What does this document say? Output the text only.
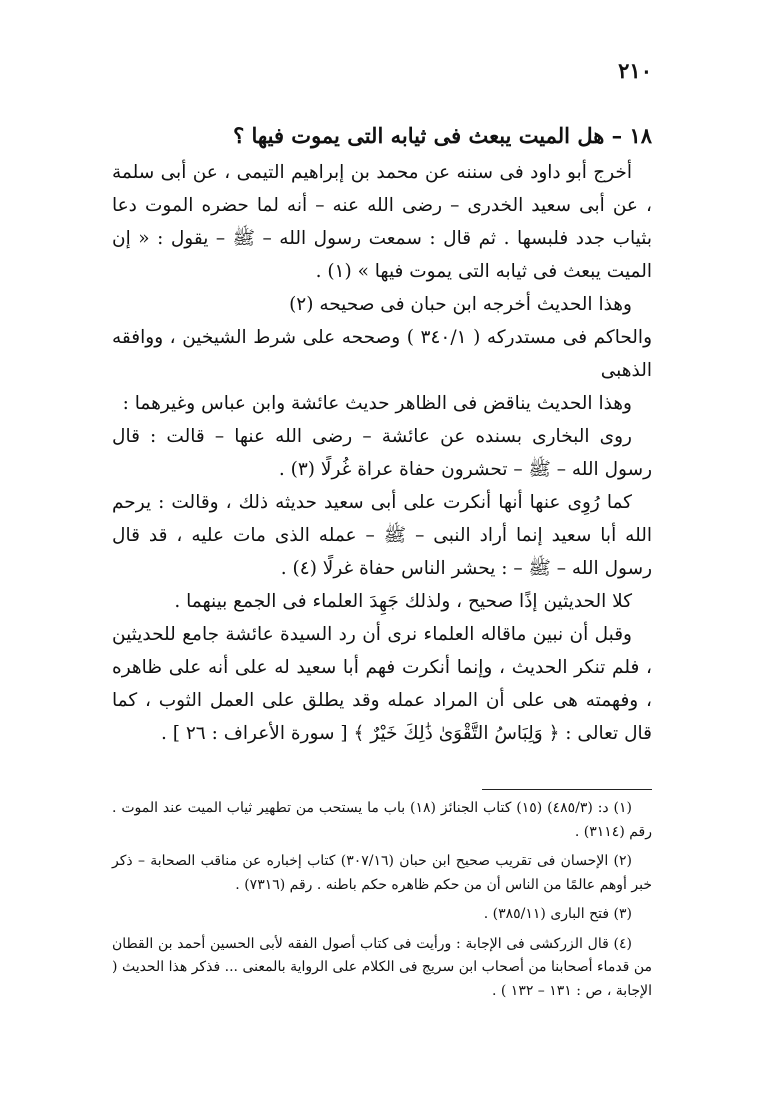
٢١٠

١٨ – هل الميت يبعث فى ثيابه التى يموت فيها ؟

أخرج أبو داود فى سننه عن محمد بن إبراهيم التيمى ، عن أبى سلمة ، عن أبى سعيد الخدرى – رضى الله عنه – أنه لما حضره الموت دعا بثياب جدد فلبسها . ثم قال : سمعت رسول الله – ﷺ – يقول : « إن الميت يبعث فى ثيابه التى يموت فيها » (١) .

وهذا الحديث أخرجه ابن حبان فى صحيحه (٢)

والحاكم فى مستدركه ( ٣٤٠/١ ) وصححه على شرط الشيخين ، ووافقه الذهبى

وهذا الحديث يناقض فى الظاهر حديث عائشة وابن عباس وغيرهما :

روى البخارى بسنده عن عائشة – رضى الله عنها – قالت : قال رسول الله – ﷺ – تحشرون حفاة عراة غُرلًا (٣) .

كما رُوِى عنها أنها أنكرت على أبى سعيد حديثه ذلك ، وقالت : يرحم الله أبا سعيد إنما أراد النبى – ﷺ – عمله الذى مات عليه ، قد قال رسول الله – ﷺ – : يحشر الناس حفاة غرلًا (٤) .

كلا الحديثين إذًا صحيح ، ولذلك جَهِدَ العلماء فى الجمع بينهما .

وقبل أن نبين ماقاله العلماء نرى أن رد السيدة عائشة جامع للحديثين ، فلم تنكر الحديث ، وإنما أنكرت فهم أبا سعيد له على أنه على ظاهره ، وفهمته هى على أن المراد عمله وقد يطلق على العمل الثوب ، كما قال تعالى : ﴿ وَلِبَاسُ التَّقْوَىٰ ذَٰلِكَ خَيْرٌ ﴾ [ سورة الأعراف : ٢٦ ] .

(١) د: (٤٨٥/٣) (١٥) كتاب الجنائز (١٨) باب ما يستحب من تطهير ثياب الميت عند الموت . رقم (٣١١٤) .

(٢) الإحسان فى تقريب صحيح ابن حبان (٣٠٧/١٦) كتاب إخباره عن مناقب الصحابة – ذكر خبر أوهم عالمًا من الناس أن من حكم ظاهره حكم باطنه . رقم (٧٣١٦) .

(٣) فتح البارى (٣٨٥/١١) .

(٤) قال الزركشى فى الإجابة : ورأيت فى كتاب أصول الفقه لأبى الحسين أحمد بن القطان من قدماء أصحابنا من أصحاب ابن سريج فى الكلام على الرواية بالمعنى ... فذكر هذا الحديث ( الإجابة ، ص : ١٣١ – ١٣٢ ) .
